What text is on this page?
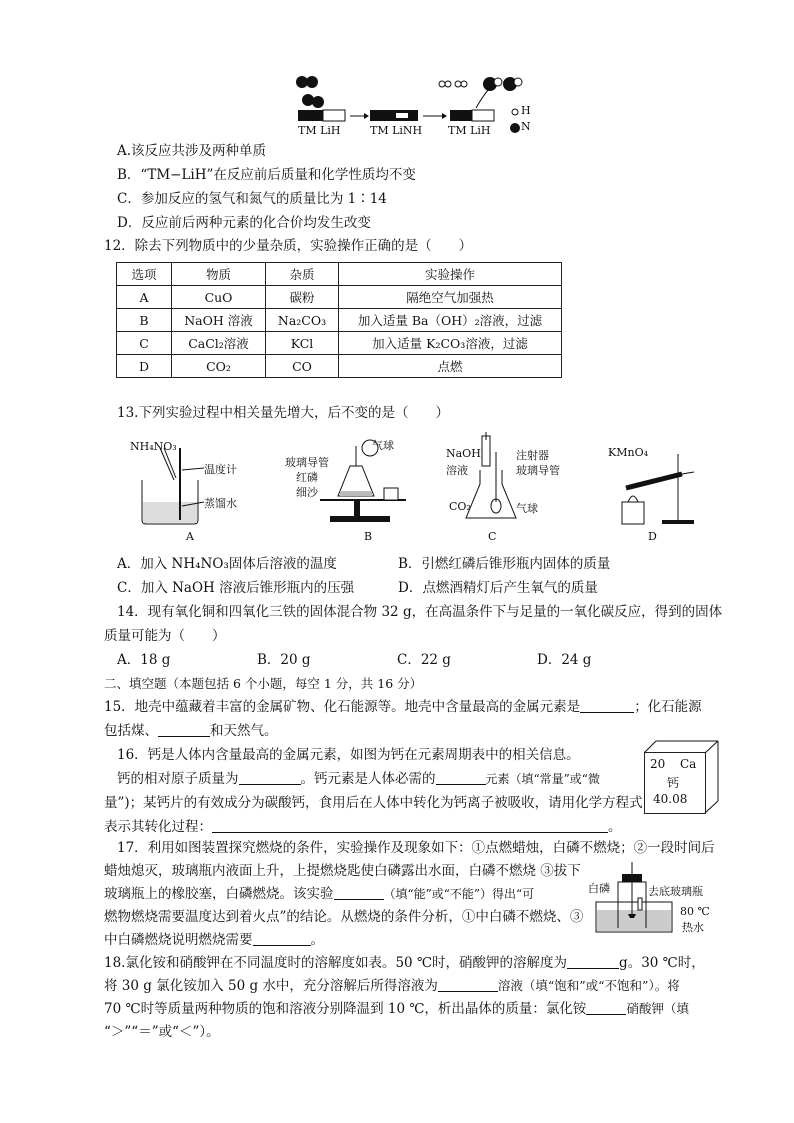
TM LiH	TM LiNH TM LiH
H
N
A.该反应共涉及两种单质
B．“TM−LiH”在反应前后质量和化学性质均不变
C．参加反应的氢气和氮气的质量比为 1∶14
D．反应前后两种元素的化合价均发生改变
12．除去下列物质中的少量杂质，实验操作正确的是（　　）
选项	物质	杂质	实验操作
A	CuO	碳粉	隔绝空气加强热
B	NaOH 溶液	Na₂CO₃	加入适量 Ba（OH）₂溶液，过滤
C	CaCl₂溶液	KCl	加入适量 K₂CO₃溶液，过滤
D	CO₂	CO	点燃
13.下列实验过程中相关量先增大，后不变的是（　　）
NH₄NO₃
温度计
蒸馏水
A
玻璃导管
气球
红磷
细沙
B
NaOH
溶液
注射器
玻璃导管
CO₂	气球
C
KMnO₄
D
A．加入 NH₄NO₃固体后溶液的温度	B．引燃红磷后锥形瓶内固体的质量
C．加入 NaOH 溶液后锥形瓶内的压强	D．点燃酒精灯后产生氧气的质量
14．现有氧化铜和四氧化三铁的固体混合物 32 g，在高温条件下与足量的一氧化碳反应，得到的固体
质量可能为（　　）
A．18 g	B．20 g	C．22 g	D．24 g
二、填空题（本题包括 6 个小题，每空 1 分，共 16 分）
15．地壳中蕴藏着丰富的金属矿物、化石能源等。地壳中含量最高的金属元素是	；化石能源
包括煤、	和天然气。
16．钙是人体内含量最高的金属元素，如图为钙在元素周期表中的相关信息。
钙的相对原子质量为	。钙元素是人体必需的	元素（填“常量”或“微
量”)；某钙片的有效成分为碳酸钙，食用后在人体中转化为钙离子被吸收，请用化学方程式
表示其转化过程：	。
20 Ca
钙
40.08
17．利用如图装置探究燃烧的条件，实验操作及现象如下：①点燃蜡烛，白磷不燃烧；②一段时间后
蜡烛熄灭，玻璃瓶内液面上升，上提燃烧匙使白磷露出水面，白磷不燃烧 ③拔下
玻璃瓶上的橡胶塞，白磷燃烧。该实验	（填“能”或“不能”）得出“可
燃物燃烧需要温度达到着火点”的结论。从燃烧的条件分析，①中白磷不燃烧、③
中白磷燃烧说明燃烧需要	。
白磷	去底玻璃瓶
80 ℃
热水
18.氯化铵和硝酸钾在不同温度时的溶解度如表。50 ℃时，硝酸钾的溶解度为	g。30 ℃时，
将 30 g 氯化铵加入 50 g 水中，充分溶解后所得溶液为	溶液（填“饱和”或“不饱和”）。将
70 ℃时等质量两种物质的饱和溶液分别降温到 10 ℃，析出晶体的质量：氯化铵	硝酸钾（填
“＞”“＝”或“＜”）。
